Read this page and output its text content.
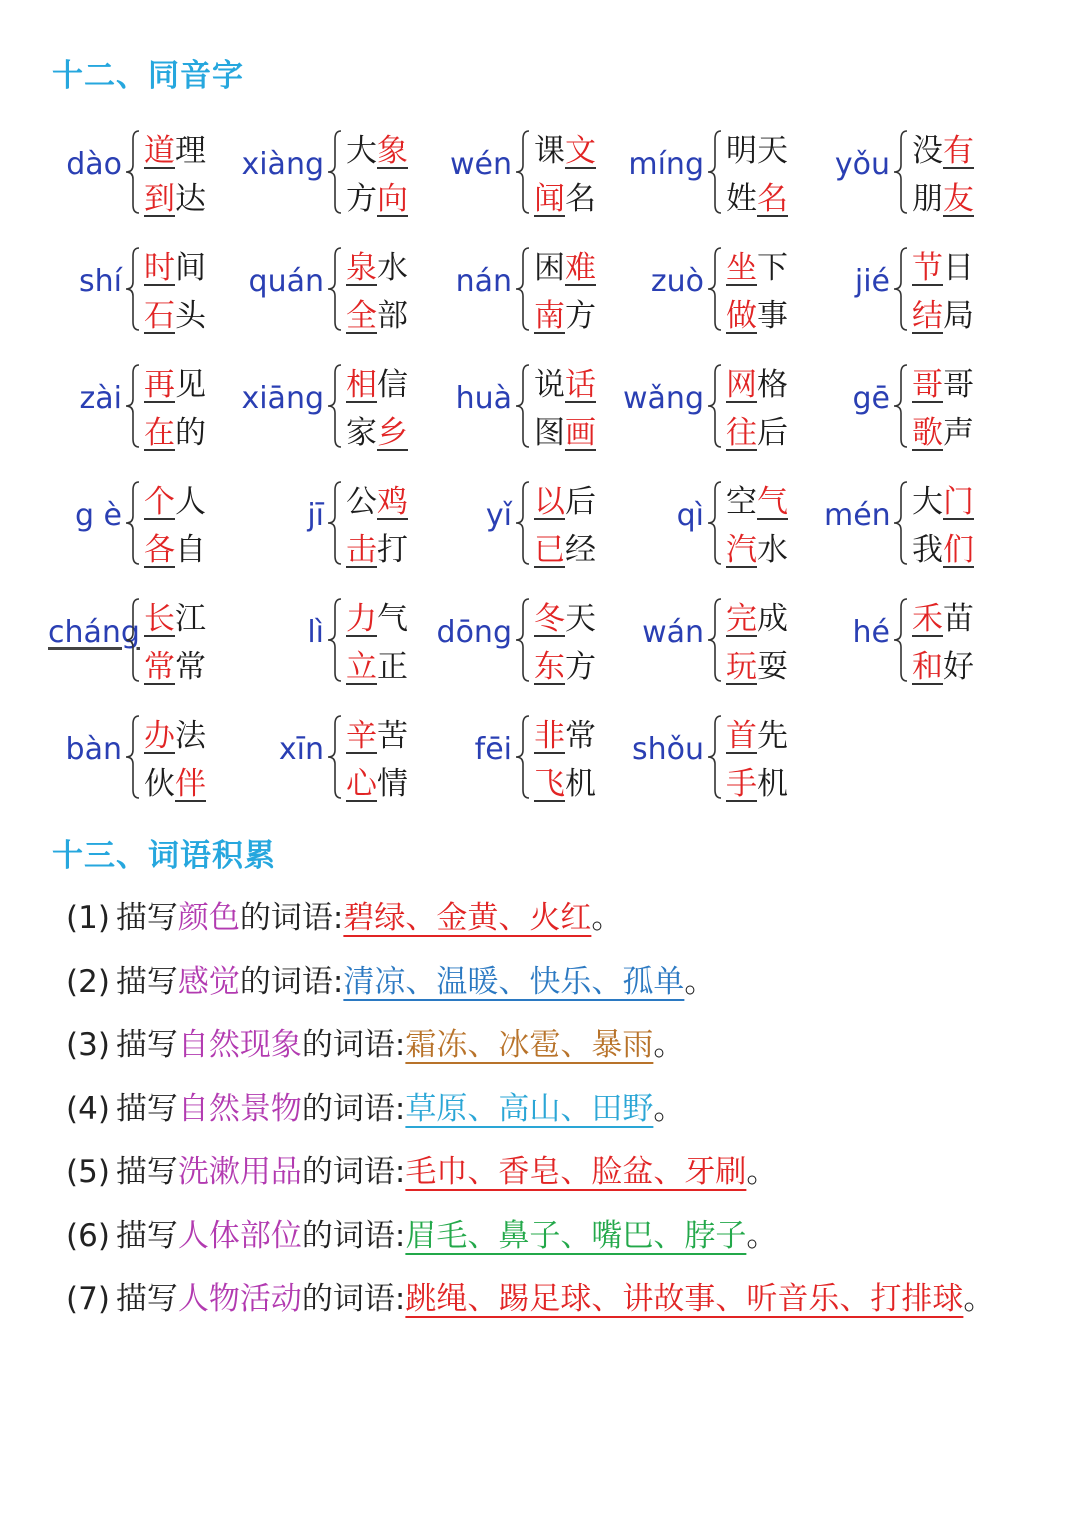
十二、同音字
dào 道理
到达
xiàng 大象
方向
wén 课文
闻名
míng 明天
姓名
yǒu 没有
朋友
shí 时间
石头
quán 泉水
全部
nán 困难
南方
zuò 坐下
做事
jié 节日
结局
zài 再见
在的
xiāng 相信
家乡
huà 说话
图画
wǎng 网格
往后
gē 哥哥
歌声
g è 个人
各自
jī 公鸡
击打
yǐ 以后
已经
qì 空气
汽水
mén 大门
我们
cháng 长江
常常
lì 力气
立正
dōng 冬天
东方
wán 完成
玩耍
hé 禾苗
和好
bàn 办法
伙伴
xīn 辛苦
心情
fēi 非常
飞机
shǒu 首先
手机
十三、词语积累
(1) 描写颜色的词语:碧绿、金黄、火红。
(2) 描写感觉的词语:清凉、温暖、快乐、孤单。
(3) 描写自然现象的词语:霜冻、冰雹、暴雨。
(4) 描写自然景物的词语:草原、高山、田野。
(5) 描写洗漱用品的词语:毛巾、香皂、脸盆、牙刷。
(6) 描写人体部位的词语:眉毛、鼻子、嘴巴、脖子。
(7) 描写人物活动的词语:跳绳、踢足球、讲故事、听音乐、打排球。
